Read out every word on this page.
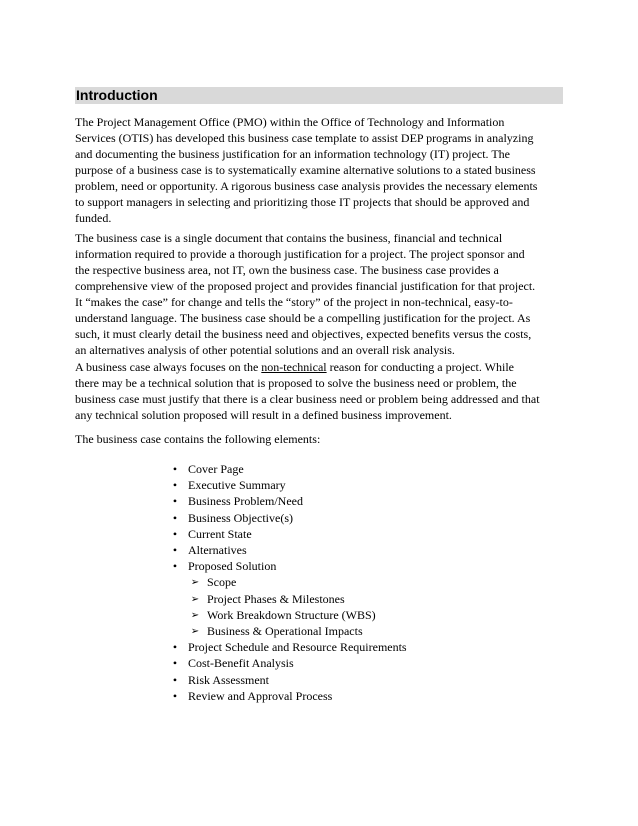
Introduction

The Project Management Office (PMO) within the Office of Technology and Information
Services (OTIS) has developed this business case template to assist DEP programs in analyzing
and documenting the business justification for an information technology (IT) project. The
purpose of a business case is to systematically examine alternative solutions to a stated business
problem, need or opportunity. A rigorous business case analysis provides the necessary elements
to support managers in selecting and prioritizing those IT projects that should be approved and
funded.

The business case is a single document that contains the business, financial and technical
information required to provide a thorough justification for a project. The project sponsor and
the respective business area, not IT, own the business case. The business case provides a
comprehensive view of the proposed project and provides financial justification for that project.
It “makes the case” for change and tells the “story” of the project in non-technical, easy-to-
understand language. The business case should be a compelling justification for the project. As
such, it must clearly detail the business need and objectives, expected benefits versus the costs,
an alternatives analysis of other potential solutions and an overall risk analysis.

A business case always focuses on the non-technical reason for conducting a project. While
there may be a technical solution that is proposed to solve the business need or problem, the
business case must justify that there is a clear business need or problem being addressed and that
any technical solution proposed will result in a defined business improvement.

The business case contains the following elements:

• Cover Page
• Executive Summary
• Business Problem/Need
• Business Objective(s)
• Current State
• Alternatives
• Proposed Solution
➢ Scope
➢ Project Phases & Milestones
➢ Work Breakdown Structure (WBS)
➢ Business & Operational Impacts
• Project Schedule and Resource Requirements
• Cost-Benefit Analysis
• Risk Assessment
• Review and Approval Process
